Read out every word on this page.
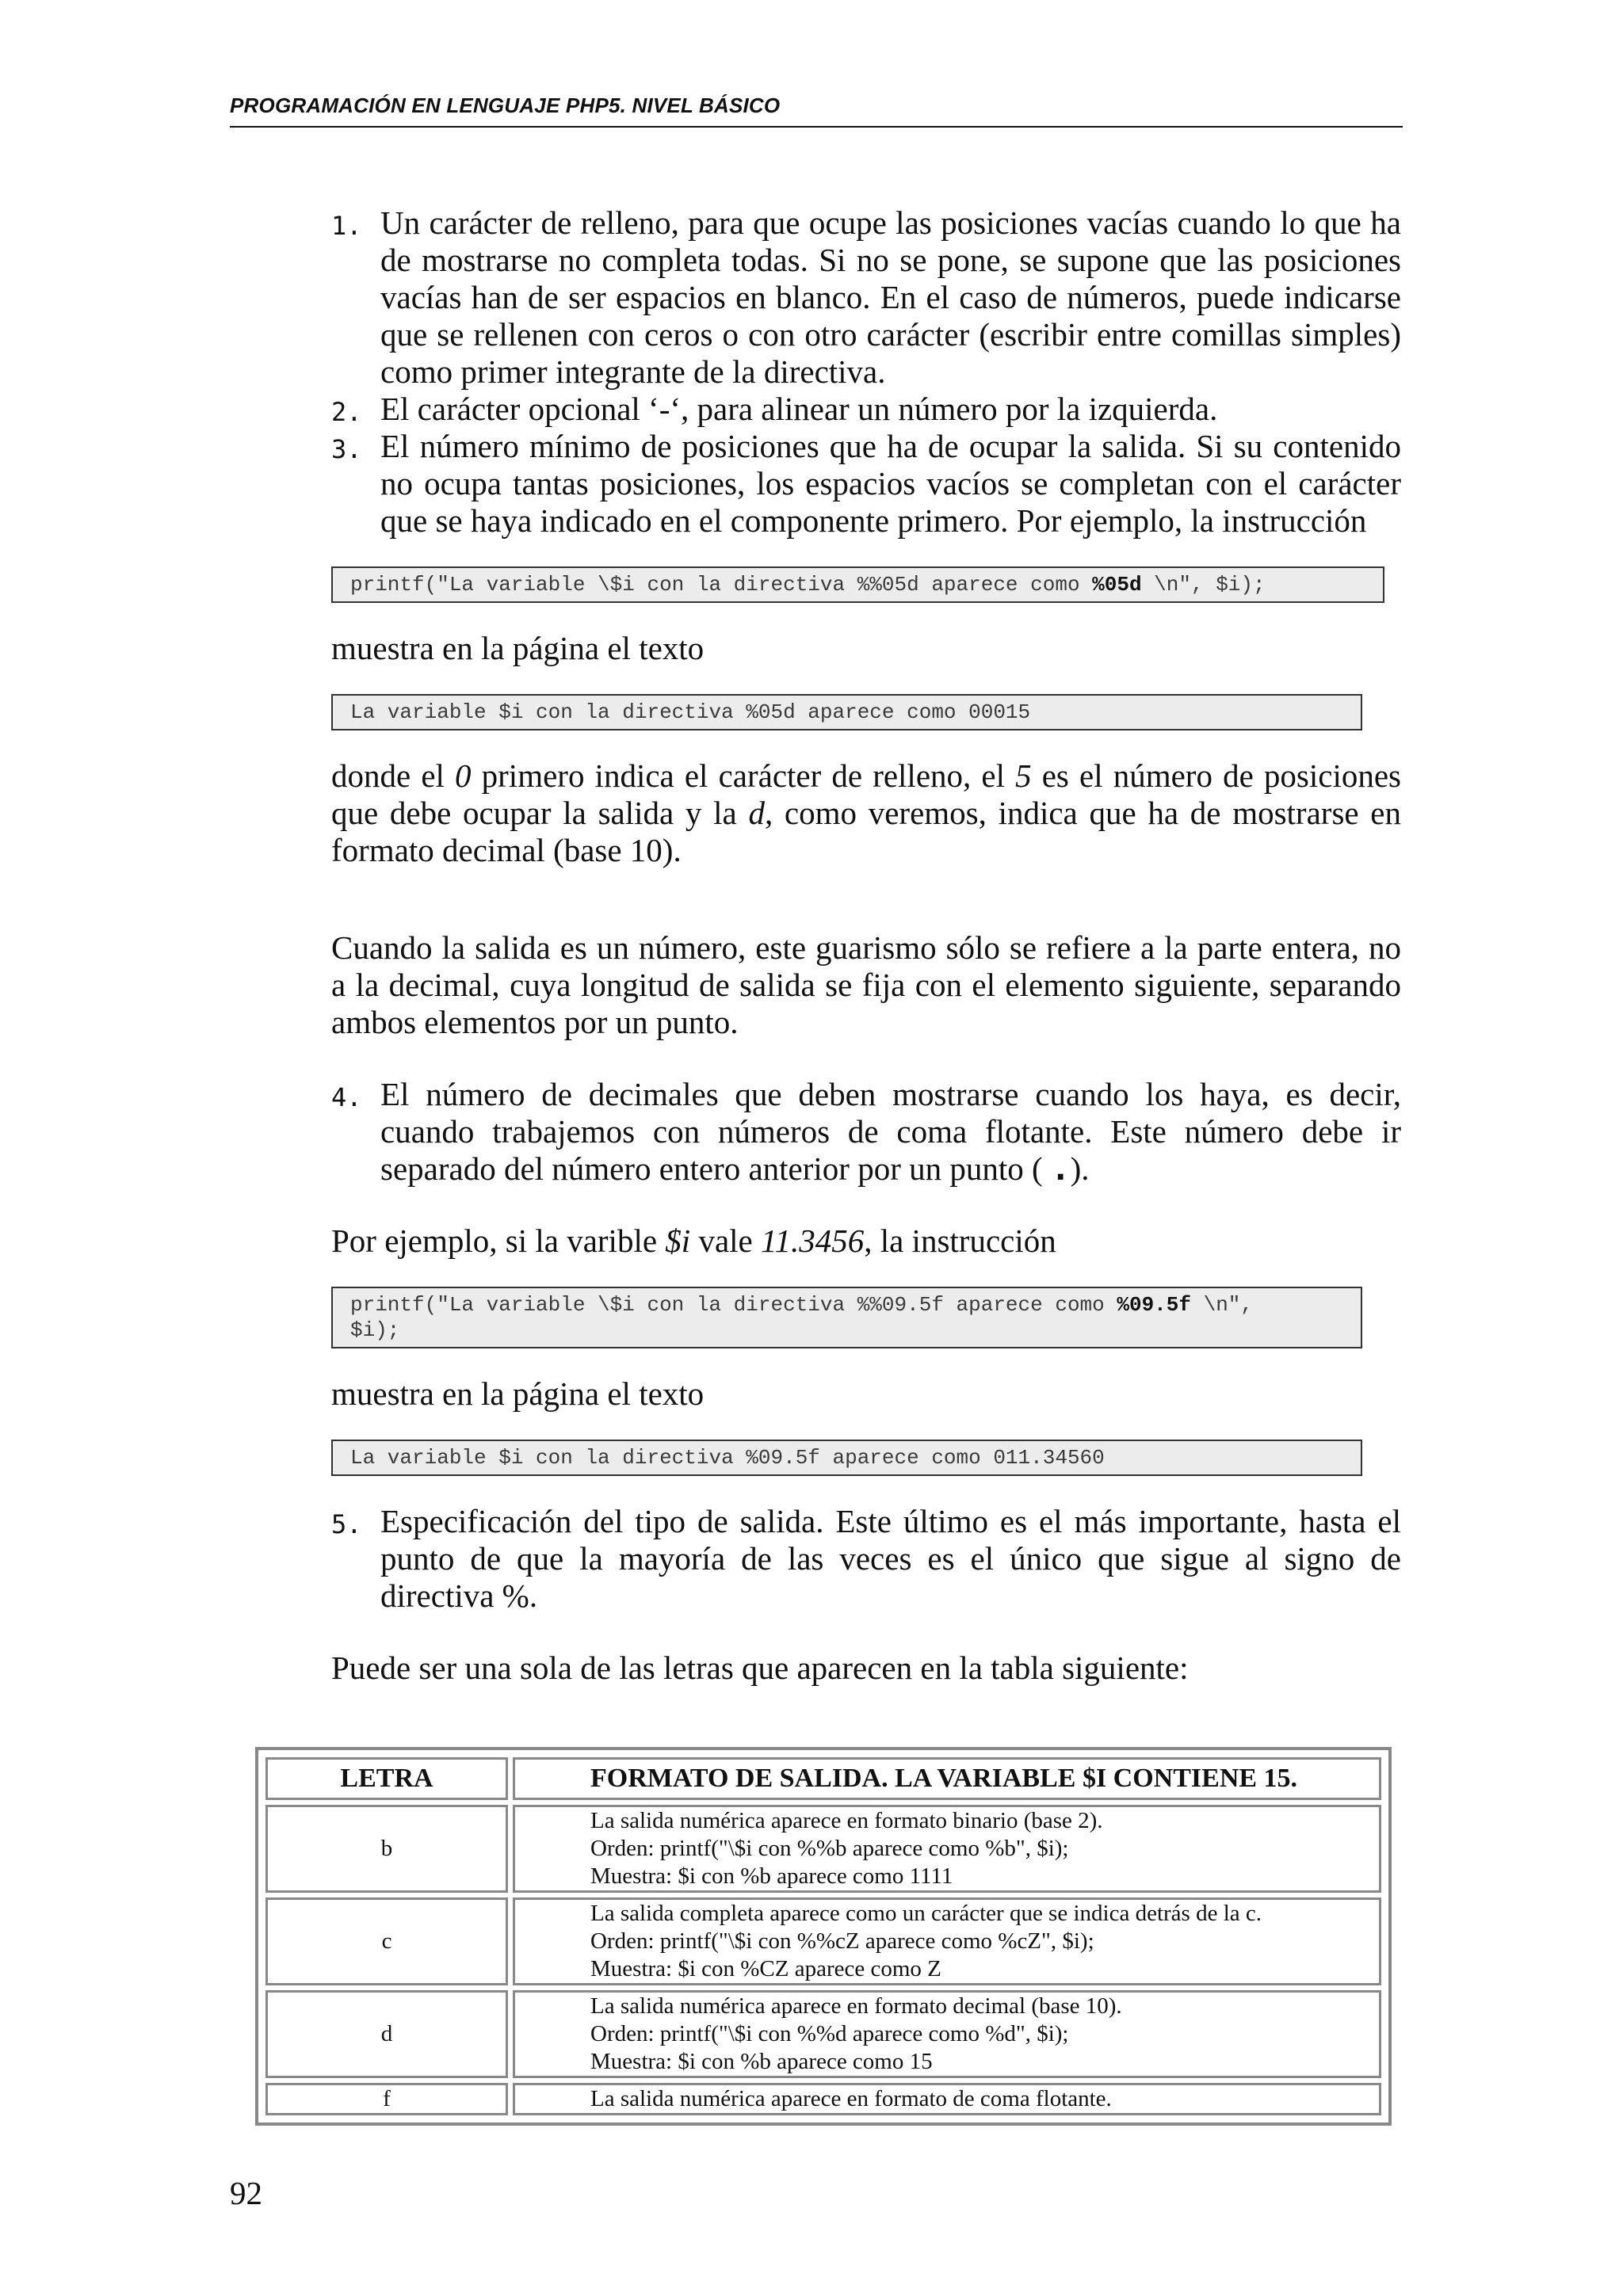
PROGRAMACIÓN EN LENGUAJE PHP5. NIVEL BÁSICO
1. Un carácter de relleno, para que ocupe las posiciones vacías cuando lo que ha de mostrarse no completa todas. Si no se pone, se supone que las posiciones vacías han de ser espacios en blanco. En el caso de números, puede indicarse que se rellenen con ceros o con otro carácter (escribir entre comillas simples) como primer integrante de la directiva.
2. El carácter opcional ‘-‘, para alinear un número por la izquierda.
3. El número mínimo de posiciones que ha de ocupar la salida. Si su contenido no ocupa tantas posiciones, los espacios vacíos se completan con el carácter que se haya indicado en el componente primero. Por ejemplo, la instrucción
printf("La variable \$i con la directiva %%05d aparece como %05d \n", $i);

muestra en la página el texto

La variable $i con la directiva %05d aparece como 00015

donde el 0 primero indica el carácter de relleno, el 5 es el número de posiciones que debe ocupar la salida y la d, como veremos, indica que ha de mostrarse en formato decimal (base 10).

Cuando la salida es un número, este guarismo sólo se refiere a la parte entera, no a la decimal, cuya longitud de salida se fija con el elemento siguiente, separando ambos elementos por un punto.

4. El número de decimales que deben mostrarse cuando los haya, es decir, cuando trabajemos con números de coma flotante. Este número debe ir separado del número entero anterior por un punto ( .).

Por ejemplo, si la varible $i vale 11.3456, la instrucción

printf("La variable \$i con la directiva %%09.5f aparece como %09.5f \n",
$i);

muestra en la página el texto

La variable $i con la directiva %09.5f aparece como 011.34560
5. Especificación del tipo de salida. Este último es el más importante, hasta el punto de que la mayoría de las veces es el único que sigue al signo de directiva %.

Puede ser una sola de las letras que aparecen en la tabla siguiente:

LETRA	FORMATO DE SALIDA. LA VARIABLE $I CONTIENE 15.
b	La salida numérica aparece en formato binario (base 2).
Orden: printf("\$i con %%b aparece como %b", $i);
Muestra: $i con %b aparece como 1111

c	La salida completa aparece como un carácter que se indica detrás de la c.
Orden: printf("\$i con %%cZ aparece como %cZ", $i);
Muestra: $i con %CZ aparece como Z

d	La salida numérica aparece en formato decimal (base 10).
Orden: printf("\$i con %%d aparece como %d", $i);
Muestra: $i con %b aparece como 15

f	La salida numérica aparece en formato de coma flotante.
92
